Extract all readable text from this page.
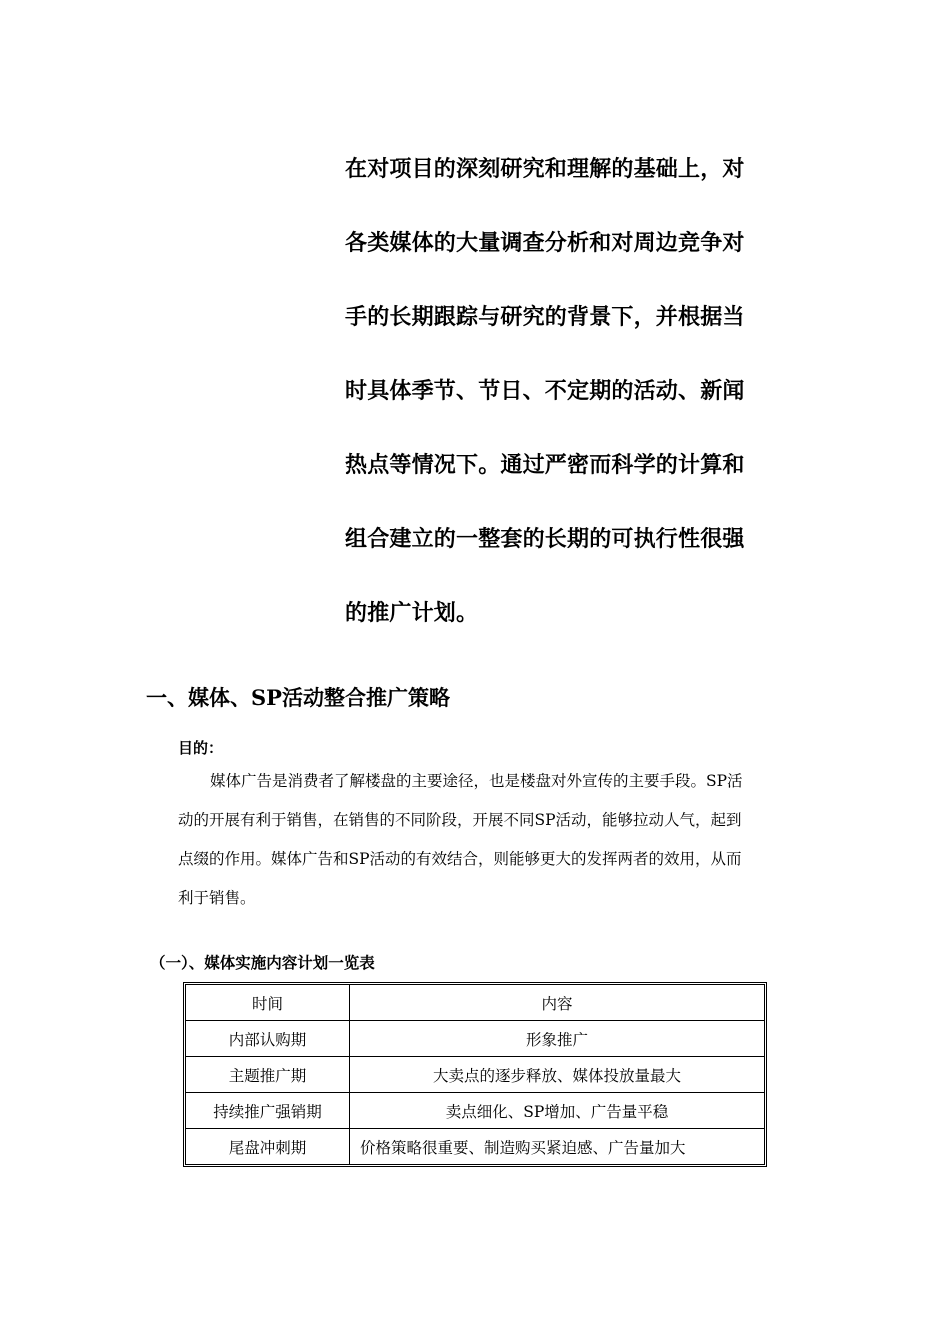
在对项目的深刻研究和理解的基础上，对
各类媒体的大量调查分析和对周边竞争对
手的长期跟踪与研究的背景下，并根据当
时具体季节、节日、不定期的活动、新闻
热点等情况下。通过严密而科学的计算和
组合建立的一整套的长期的可执行性很强
的推广计划。
一、媒体、SP活动整合推广策略
目的：
媒体广告是消费者了解楼盘的主要途径，也是楼盘对外宣传的主要手段。SP活
动的开展有利于销售，在销售的不同阶段，开展不同SP活动，能够拉动人气，起到
点缀的作用。媒体广告和SP活动的有效结合，则能够更大的发挥两者的效用，从而
利于销售。
（一）、媒体实施内容计划一览表
时间	内容
内部认购期	形象推广
主题推广期	大卖点的逐步释放、媒体投放量最大
持续推广强销期	卖点细化、SP增加、广告量平稳
尾盘冲刺期	价格策略很重要、制造购买紧迫感、广告量加大
